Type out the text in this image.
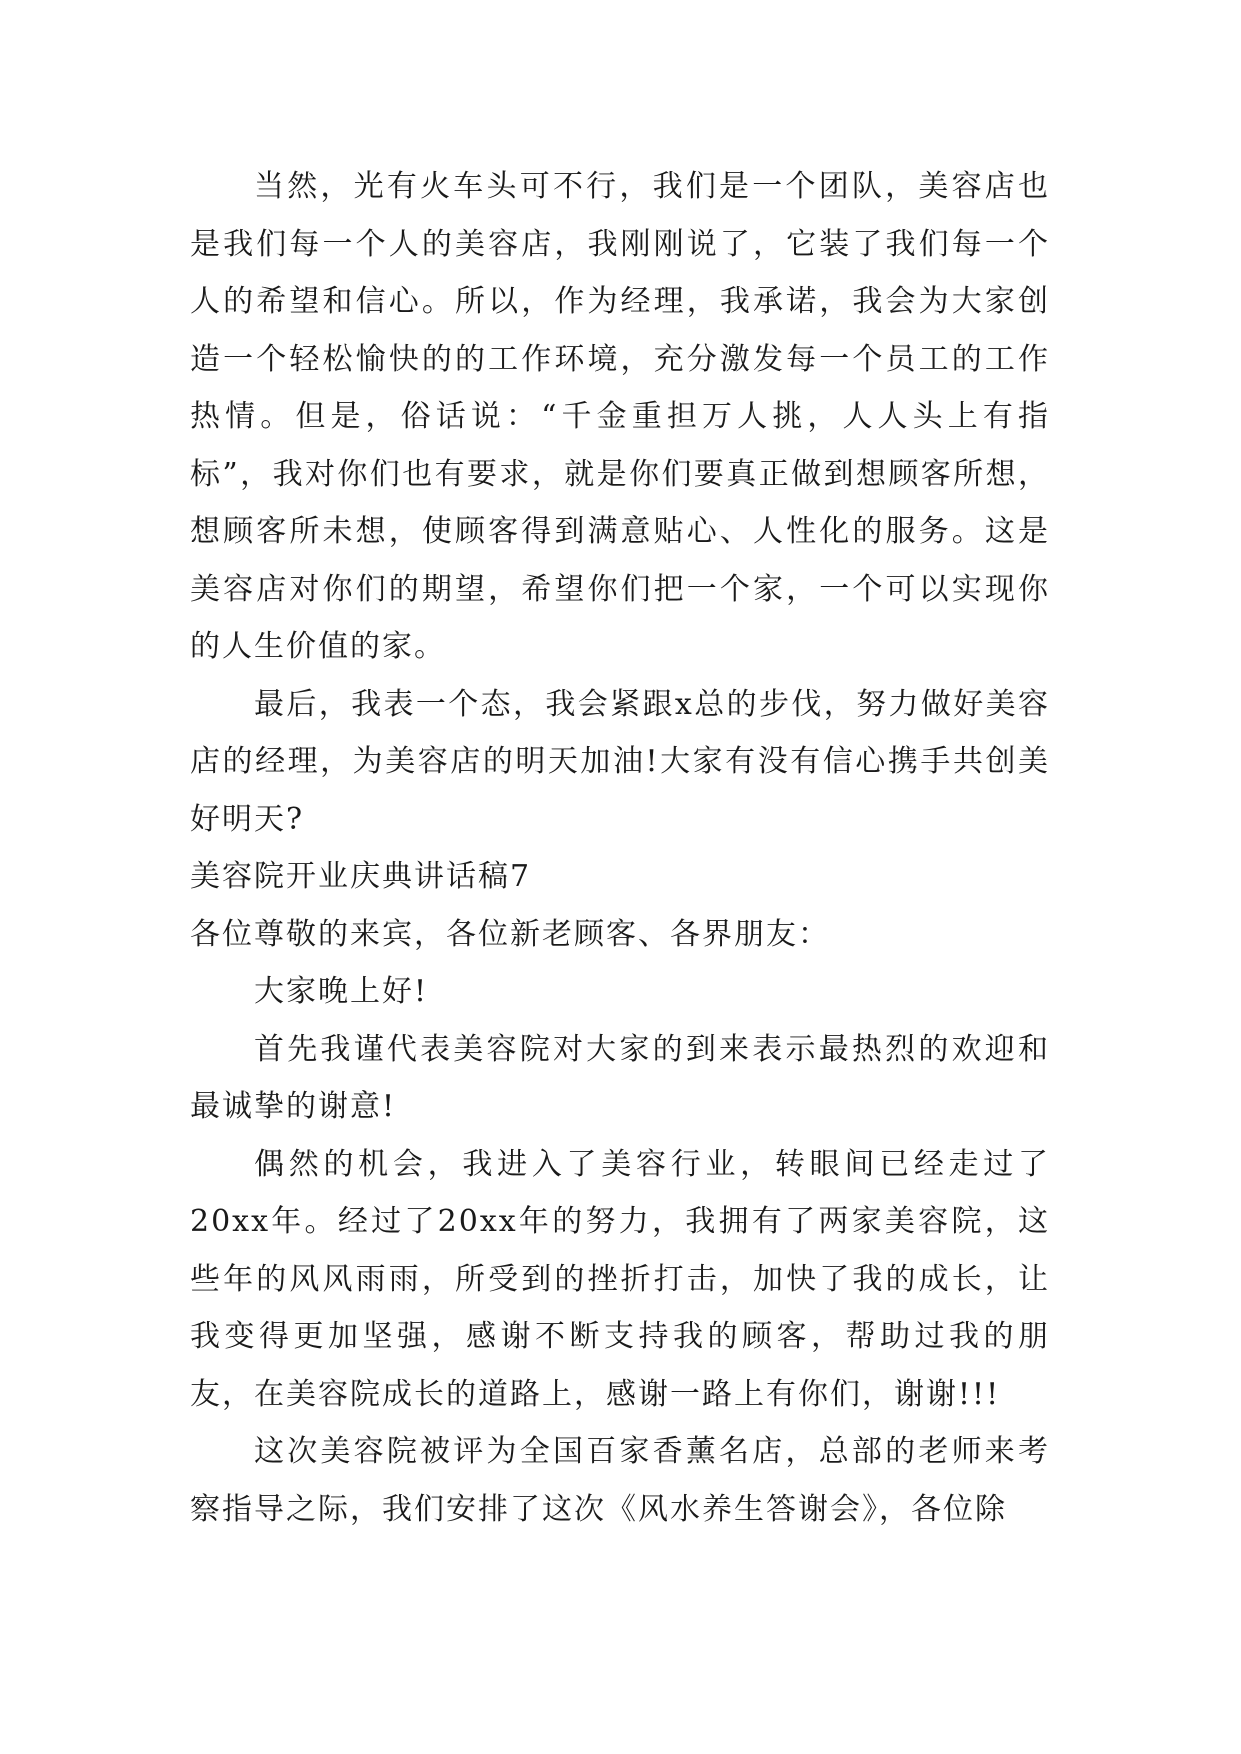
当然，光有火车头可不行，我们是一个团队，美容店也是我们每一个人的美容店，我刚刚说了，它装了我们每一个人的希望和信心。所以，作为经理，我承诺，我会为大家创造一个轻松愉快的的工作环境，充分激发每一个员工的工作热情。但是，俗话说：“千金重担万人挑，人人头上有指标”，我对你们也有要求，就是你们要真正做到想顾客所想，想顾客所未想，使顾客得到满意贴心、人性化的服务。这是美容店对你们的期望，希望你们把一个家，一个可以实现你的人生价值的家。

最后，我表一个态，我会紧跟x总的步伐，努力做好美容店的经理，为美容店的明天加油!大家有没有信心携手共创美好明天?

美容院开业庆典讲话稿7

各位尊敬的来宾，各位新老顾客、各界朋友：

大家晚上好!

首先我谨代表美容院对大家的到来表示最热烈的欢迎和最诚挚的谢意!

偶然的机会，我进入了美容行业，转眼间已经走过了20xx年。经过了20xx年的努力，我拥有了两家美容院，这些年的风风雨雨，所受到的挫折打击，加快了我的成长，让我变得更加坚强，感谢不断支持我的顾客，帮助过我的朋友，在美容院成长的道路上，感谢一路上有你们，谢谢!!!

这次美容院被评为全国百家香薰名店，总部的老师来考察指导之际，我们安排了这次《风水养生答谢会》，各位除
